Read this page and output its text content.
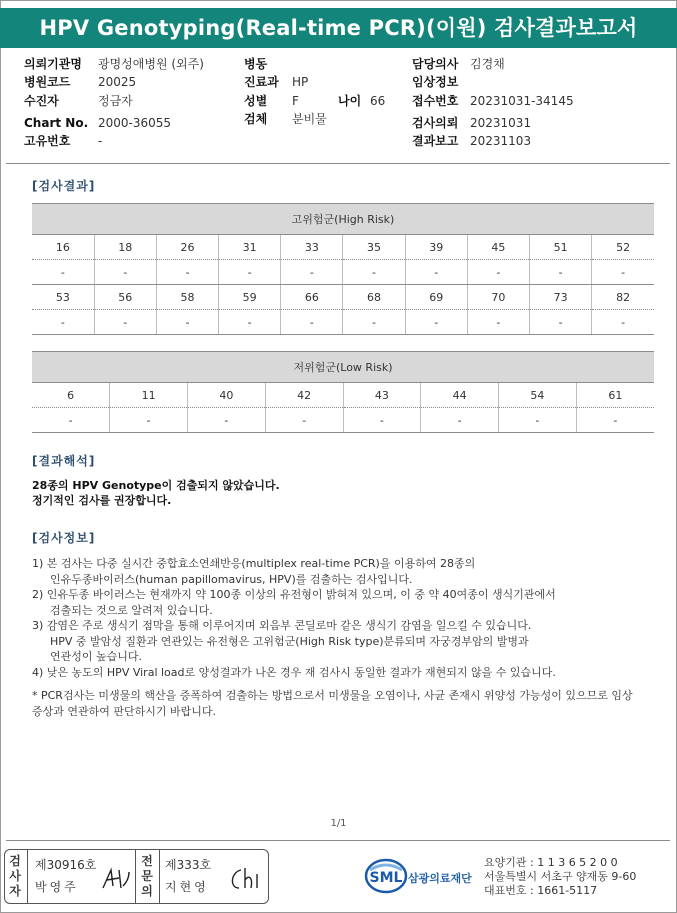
HPV Genotyping(Real-time PCR)(이원) 검사결과보고서
의뢰기관명 광명성애병원 (외주)	병동	담당의사 김경채
병원코드 20025	진료과 HP	임상정보
수진자	정금자	성별 F	나이 66 접수번호 20231031-34145
Chart No. 2000-36055	검체 분비물	검사의뢰 20231031
고유번호 -	결과보고 20231103
[검사결과]
고위험군(High Risk)									
16	18	26	31	33	35	39	45	51	52
-	-	-	-	-	-	-	-	-	-
53	56	58	59	66	68	69	70	73	82
-	-	-	-	-	-	-	-	-	-
저위험군(Low Risk)							
6	11	40	42	43	44	54	61
-	-	-	-	-	-	-	-
[결과해석]
28종의 HPV Genotype이 검출되지 않았습니다.
정기적인 검사를 권장합니다.
[검사정보]
1) 본 검사는 다중 실시간 중합효소연쇄반응(multiplex real-time PCR)을 이용하여 28종의
인유두종바이러스(human papillomavirus, HPV)를 검출하는 검사입니다.
2) 인유두종 바이러스는 현재까지 약 100종 이상의 유전형이 밝혀져 있으며, 이 중 약 40여종이 생식기관에서
검출되는 것으로 알려져 있습니다.
3) 감염은 주로 생식기 점막을 통해 이루어지며 외음부 콘딜로마 같은 생식기 감염을 일으킬 수 있습니다.
HPV 중 발암성 질환과 연관있는 유전형은 고위험군(High Risk type)분류되며 자궁경부암의 발병과
연관성이 높습니다.
4) 낮은 농도의 HPV Viral load로 양성결과가 나온 경우 재 검사시 동일한 결과가 재현되지 않을 수 있습니다.
* PCR검사는 미생물의 핵산을 증폭하여 검출하는 방법으로서 미생물을 오염이나, 사균 존재시 위양성 가능성이 있으므로 임상
증상과 연관하여 판단하시기 바랍니다.
1/1
검사자
제30916호
박영주
전문의
제333호
지현영
SML 삼광의료재단
요양기관 : 1 1 3 6 5 2 0 0
서울특별시 서초구 양재동 9-60
대표번호 : 1661-5117
